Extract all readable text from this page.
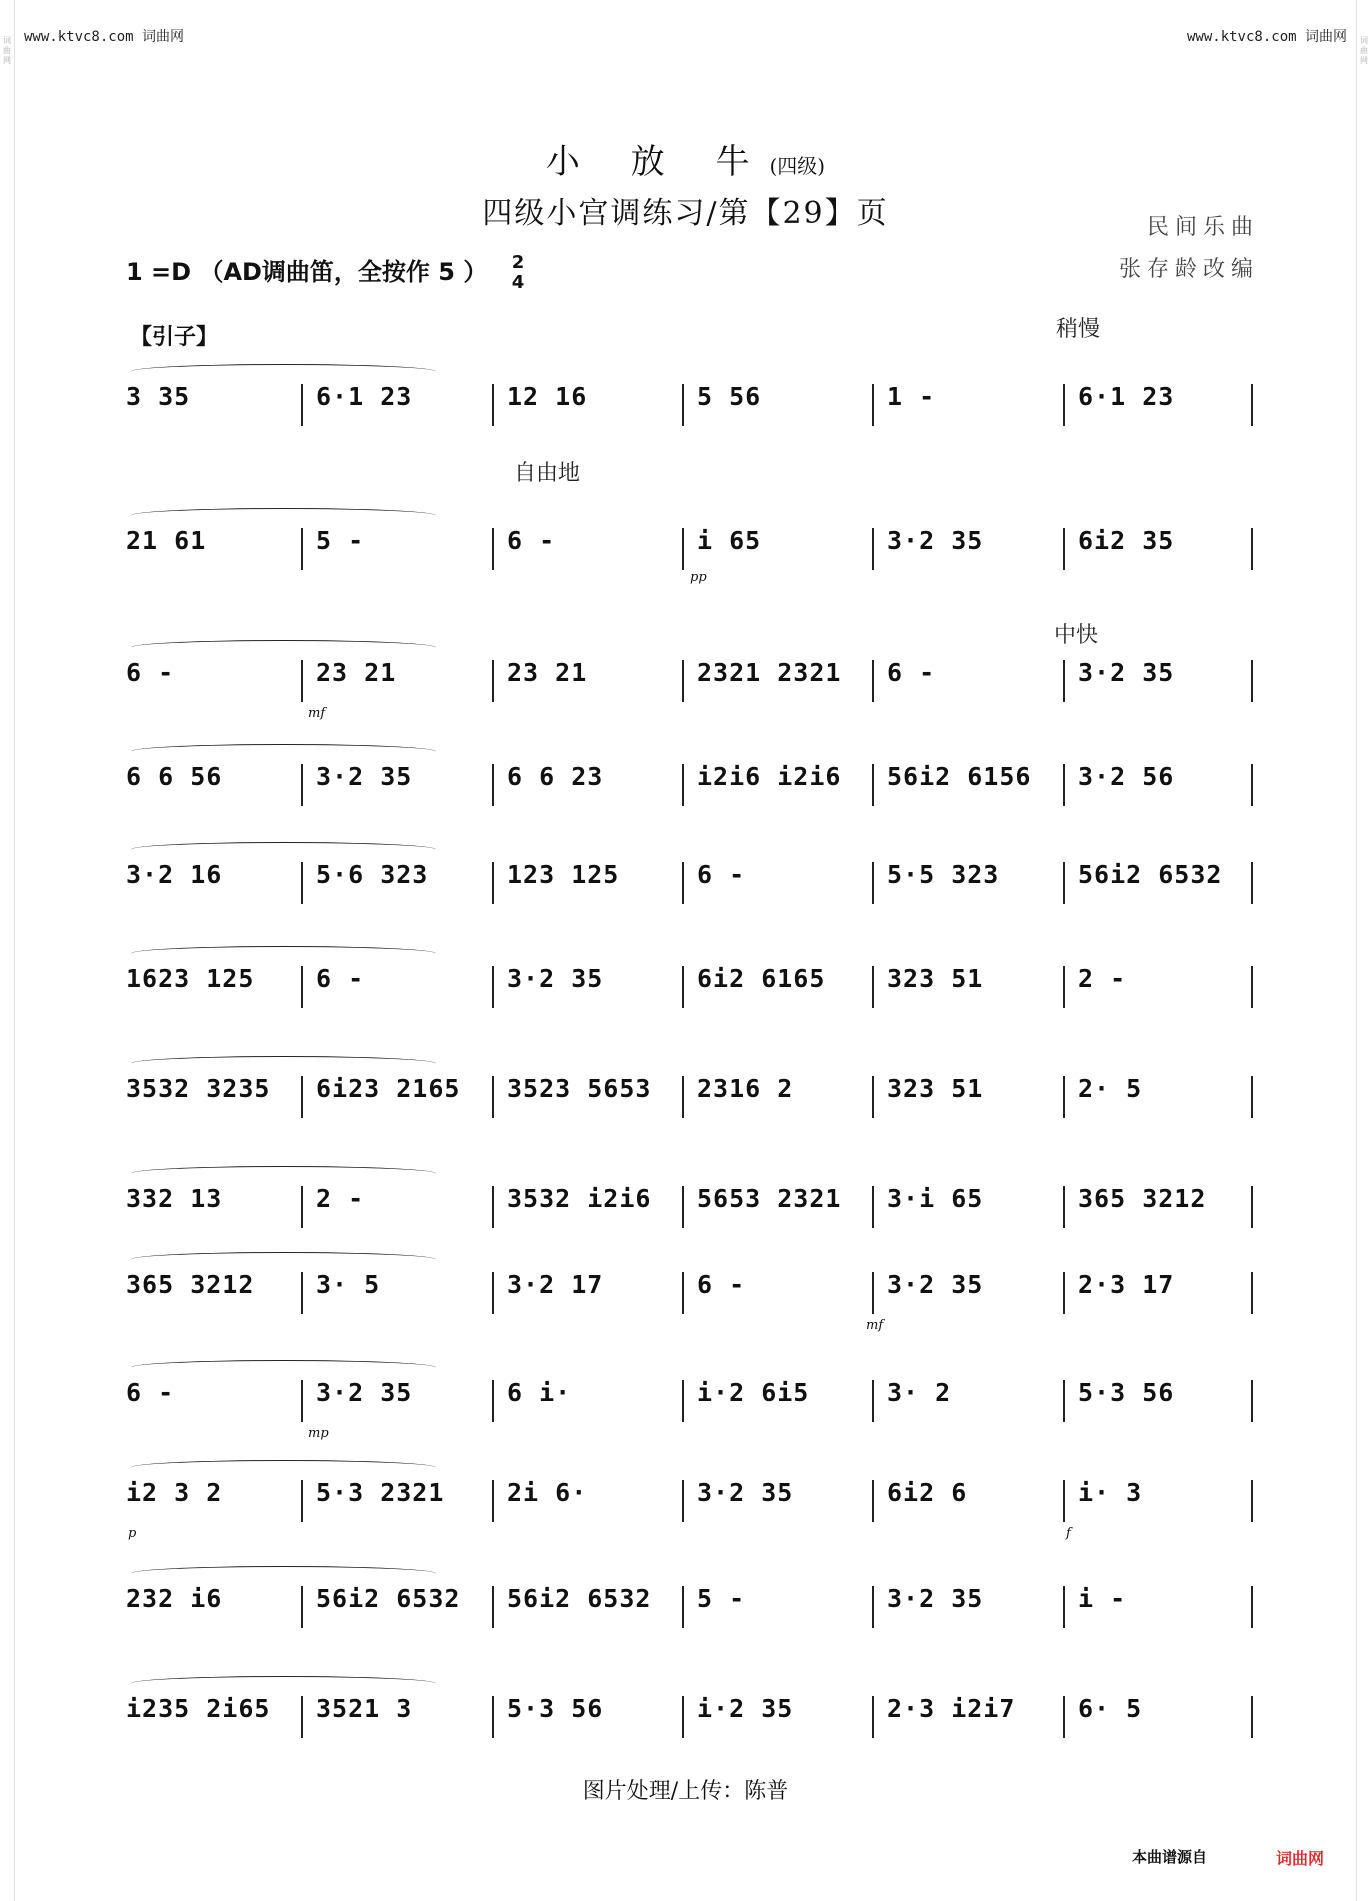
词曲网
词曲网
www.ktvc8.com 词曲网	www.ktvc8.com 词曲网
小 放 牛(四级)
四级小宫调练习/第【29】页
1 =D （AD调曲笛，全按作 5 ） 2
4
民间乐曲
张存龄改编
【引子】	稍慢
自由地
中快
pp
mf
mp
p	f
mf
3 35	6·1 23	12 16	5 56	1 -	6·1 23
21 61	5 -	6 -	i 65	3·2 35	6i2 35
6 -	23 21	23 21	2321 2321 6 -	3·2 35
6 6 56	3·2 35	6 6 23	i2i6 i2i6 56i2 6156 3·2 56
3·2 16	5·6 323	123 125	6 -	5·5 323	56i2 6532
1623 125 6 -	3·2 35	6i2 6165 323 51	2 -
3532 3235 6i23 2165 3523 5653 2316 2	323 51	2· 5
332 13	2 -	3532 i2i6 5653 2321 3·i 65	365 3212
365 3212 3· 5	3·2 17	6 -	3·2 35	2·3 17
6 -	3·2 35	6 i·	i·2 6i5	3· 2	5·3 56
i2 3 2	5·3 2321	2i 6·	3·2 35	6i2 6	i· 3
232 i6	56i2 6532 56i2 6532 5 -	3·2 35	i -
i235 2i65 3521 3	5·3 56	i·2 35	2·3 i2i7	6· 5
图片处理/上传：陈普
本曲谱源自	词曲网
